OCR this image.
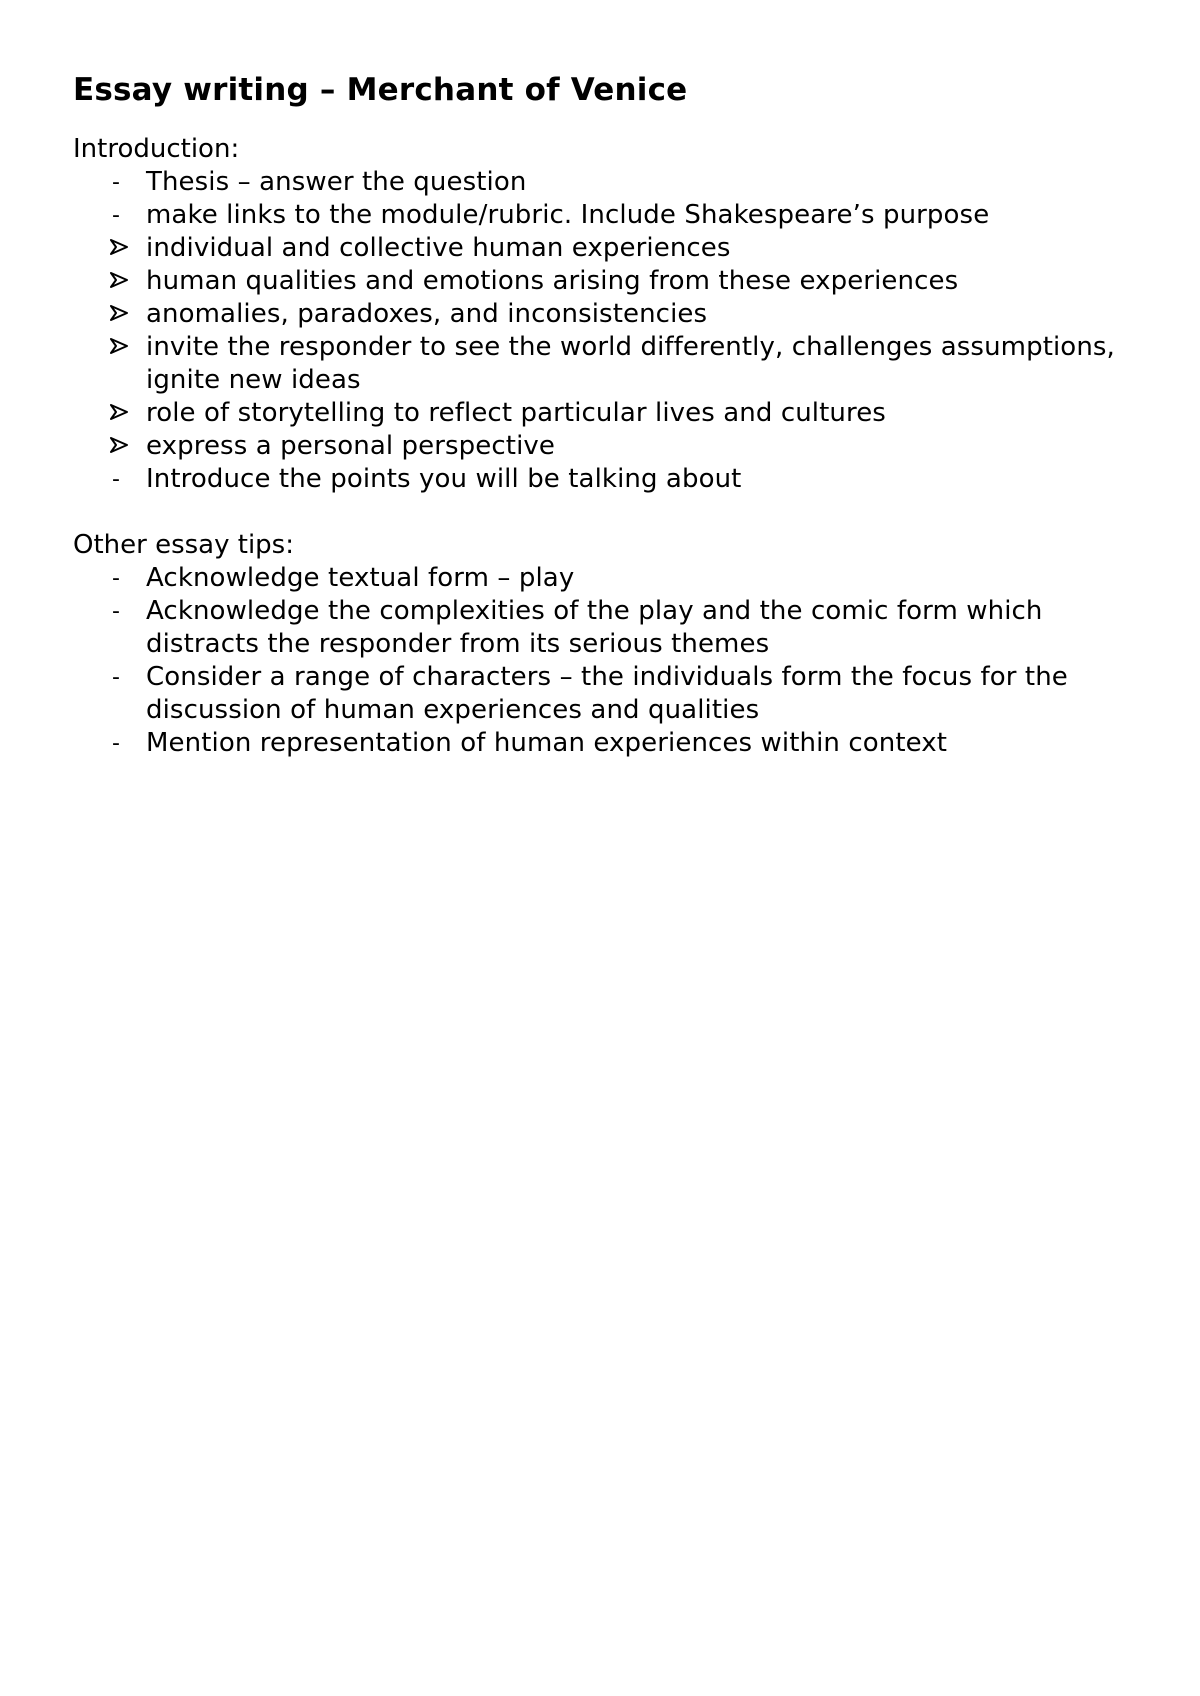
Essay writing – Merchant of Venice
Introduction:
- Thesis – answer the question
- make links to the module/rubric. Include Shakespeare’s purpose
individual and collective human experiences
human qualities and emotions arising from these experiences
anomalies, paradoxes, and inconsistencies
invite the responder to see the world differently, challenges assumptions, ignite new ideas
role of storytelling to reflect particular lives and cultures
express a personal perspective
- Introduce the points you will be talking about
Other essay tips:
- Acknowledge textual form – play
- Acknowledge the complexities of the play and the comic form which distracts the responder from its serious themes
- Consider a range of characters – the individuals form the focus for the discussion of human experiences and qualities
- Mention representation of human experiences within context
